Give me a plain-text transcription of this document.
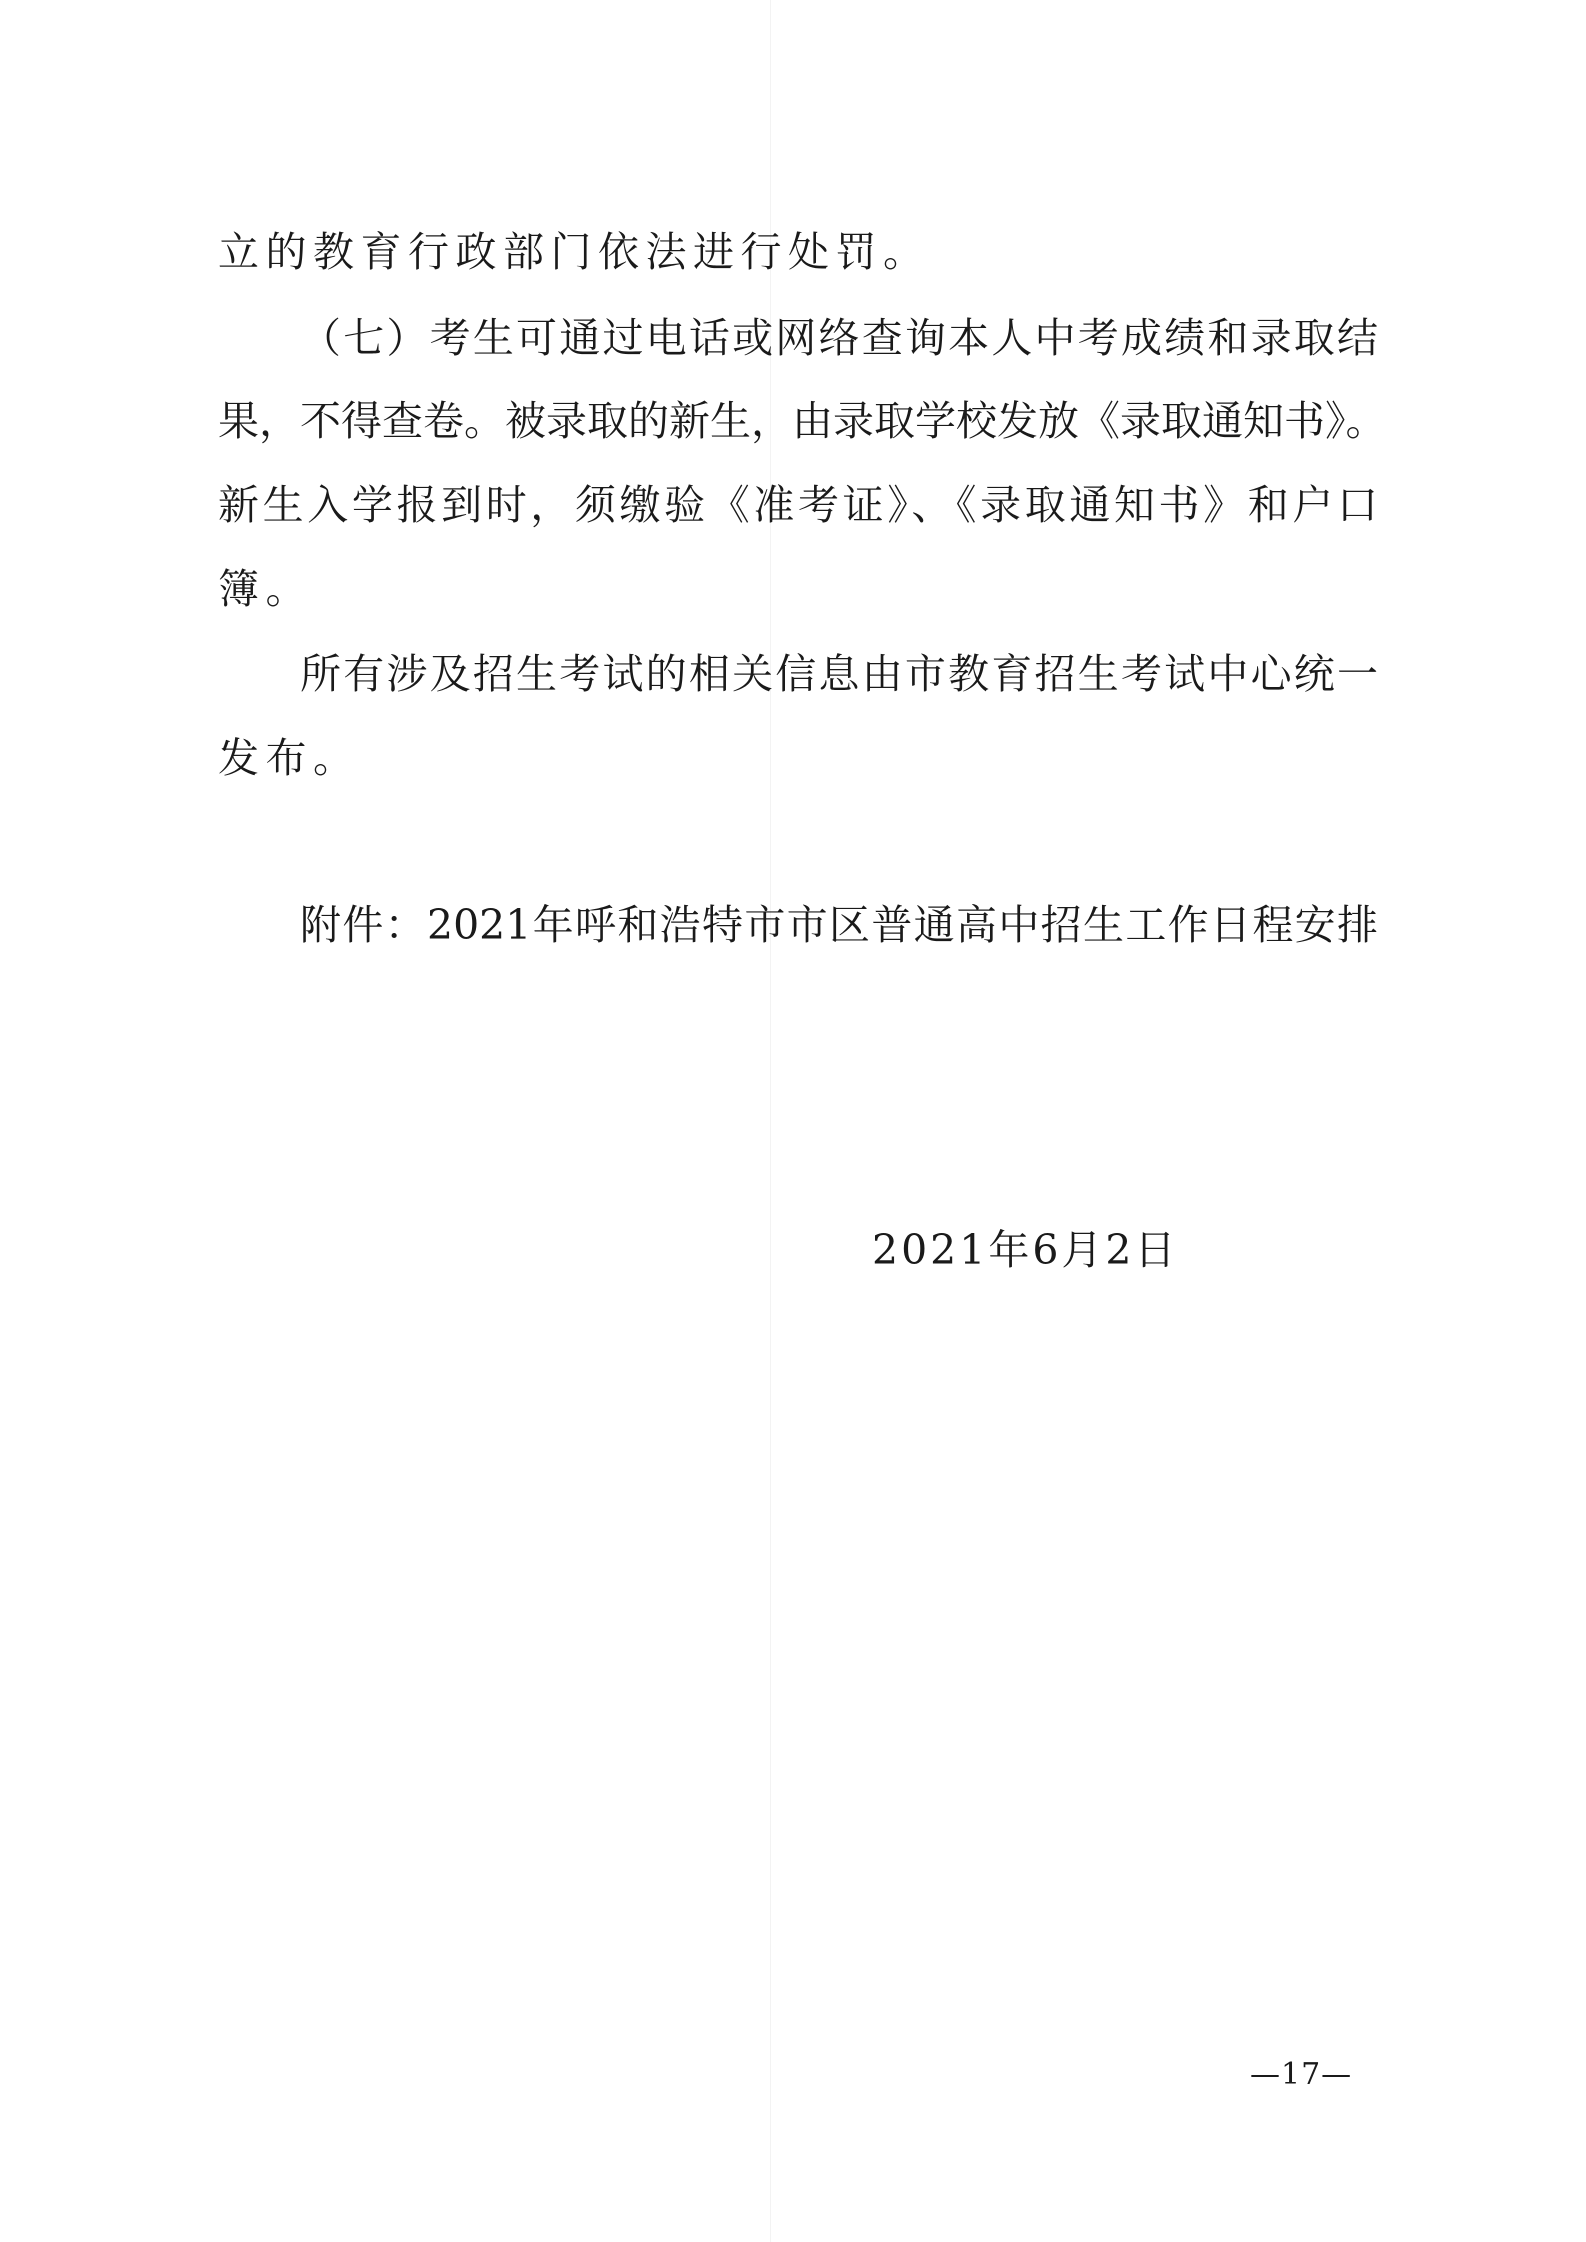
立的教育行政部门依法进行处罚。
（七）考生可通过电话或网络查询本人中考成绩和录取结
果，不得查卷。被录取的新生，由录取学校发放《录取通知书》。
新生入学报到时，须缴验《准考证》、《录取通知书》和户口
簿。
所有涉及招生考试的相关信息由市教育招生考试中心统一
发布。
附件：2021年呼和浩特市市区普通高中招生工作日程安排
2021年6月2日
—17—
